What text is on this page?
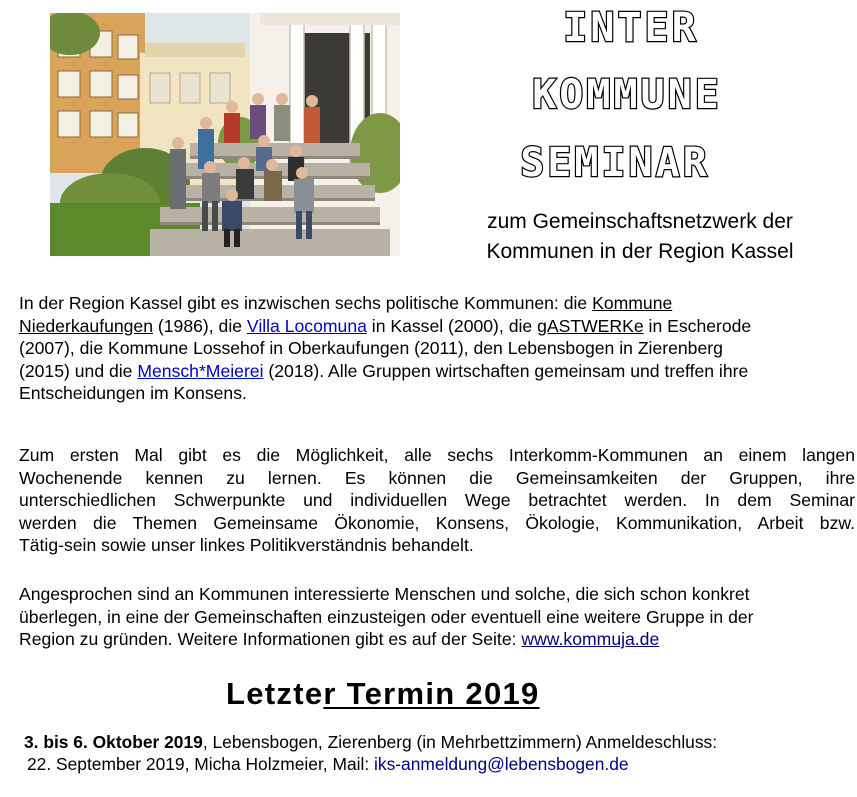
INTER
KOMMUNE
SEMINAR
zum Gemeinschaftsnetzwerk der
Kommunen in der Region Kassel
In der Region Kassel gibt es inzwischen sechs politische Kommunen: die Kommune
Niederkaufungen (1986), die Villa Locomuna in Kassel (2000), die gASTWERKe in Escherode
(2007), die Kommune Lossehof in Oberkaufungen (2011), den Lebensbogen in Zierenberg
(2015) und die Mensch*Meierei (2018). Alle Gruppen wirtschaften gemeinsam und treffen ihre
Entscheidungen im Konsens.
Zum ersten Mal gibt es die Möglichkeit, alle sechs Interkomm-Kommunen an einem langen
Wochenende kennen zu lernen. Es können die Gemeinsamkeiten der Gruppen, ihre
unterschiedlichen Schwerpunkte und individuellen Wege betrachtet werden. In dem Seminar
werden die Themen Gemeinsame Ökonomie, Konsens, Ökologie, Kommunikation, Arbeit bzw.
Tätig-sein sowie unser linkes Politikverständnis behandelt.
Angesprochen sind an Kommunen interessierte Menschen und solche, die sich schon konkret
überlegen, in eine der Gemeinschaften einzusteigen oder eventuell eine weitere Gruppe in der
Region zu gründen. Weitere Informationen gibt es auf der Seite: www.kommuja.de
Letzter Termin 2019
3. bis 6. Oktober 2019, Lebensbogen, Zierenberg (in Mehrbettzimmern) Anmeldeschluss:
22. September 2019, Micha Holzmeier, Mail: iks-anmeldung@lebensbogen.de
